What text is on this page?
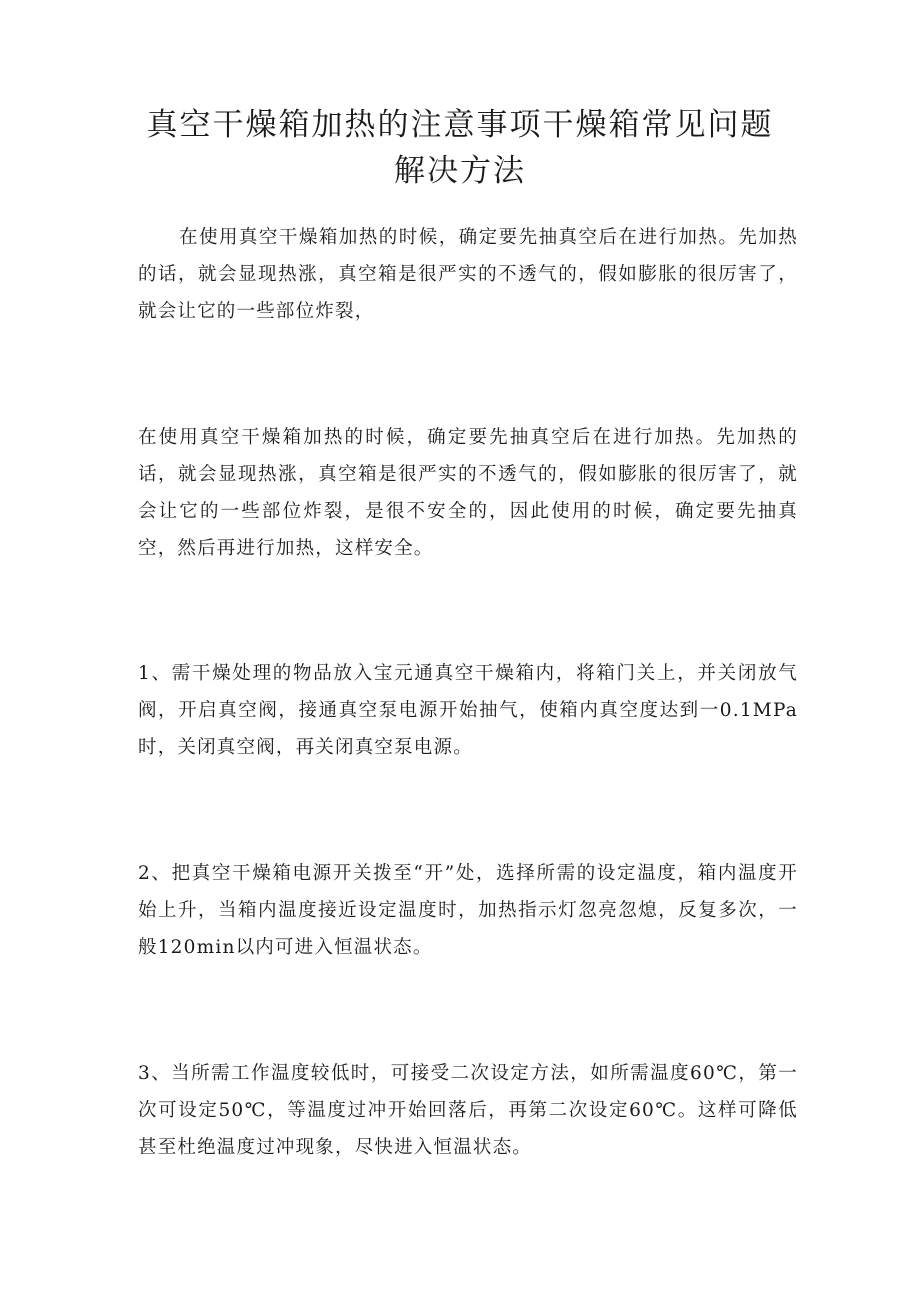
真空干燥箱加热的注意事项干燥箱常见问题
解决方法

在使用真空干燥箱加热的时候，确定要先抽真空后在进行加热。先加热的话，就会显现热涨，真空箱是很严实的不透气的，假如膨胀的很厉害了，就会让它的一些部位炸裂，

在使用真空干燥箱加热的时候，确定要先抽真空后在进行加热。先加热的话，就会显现热涨，真空箱是很严实的不透气的，假如膨胀的很厉害了，就会让它的一些部位炸裂，是很不安全的，因此使用的时候，确定要先抽真空，然后再进行加热，这样安全。

1、需干燥处理的物品放入宝元通真空干燥箱内，将箱门关上，并关闭放气阀，开启真空阀，接通真空泵电源开始抽气，使箱内真空度达到一0.1MPa时，关闭真空阀，再关闭真空泵电源。

2、把真空干燥箱电源开关拨至“开”处，选择所需的设定温度，箱内温度开始上升，当箱内温度接近设定温度时，加热指示灯忽亮忽熄，反复多次，一般120min以内可进入恒温状态。

3、当所需工作温度较低时，可接受二次设定方法，如所需温度60℃，第一次可设定50℃，等温度过冲开始回落后，再第二次设定60℃。这样可降低甚至杜绝温度过冲现象，尽快进入恒温状态。
